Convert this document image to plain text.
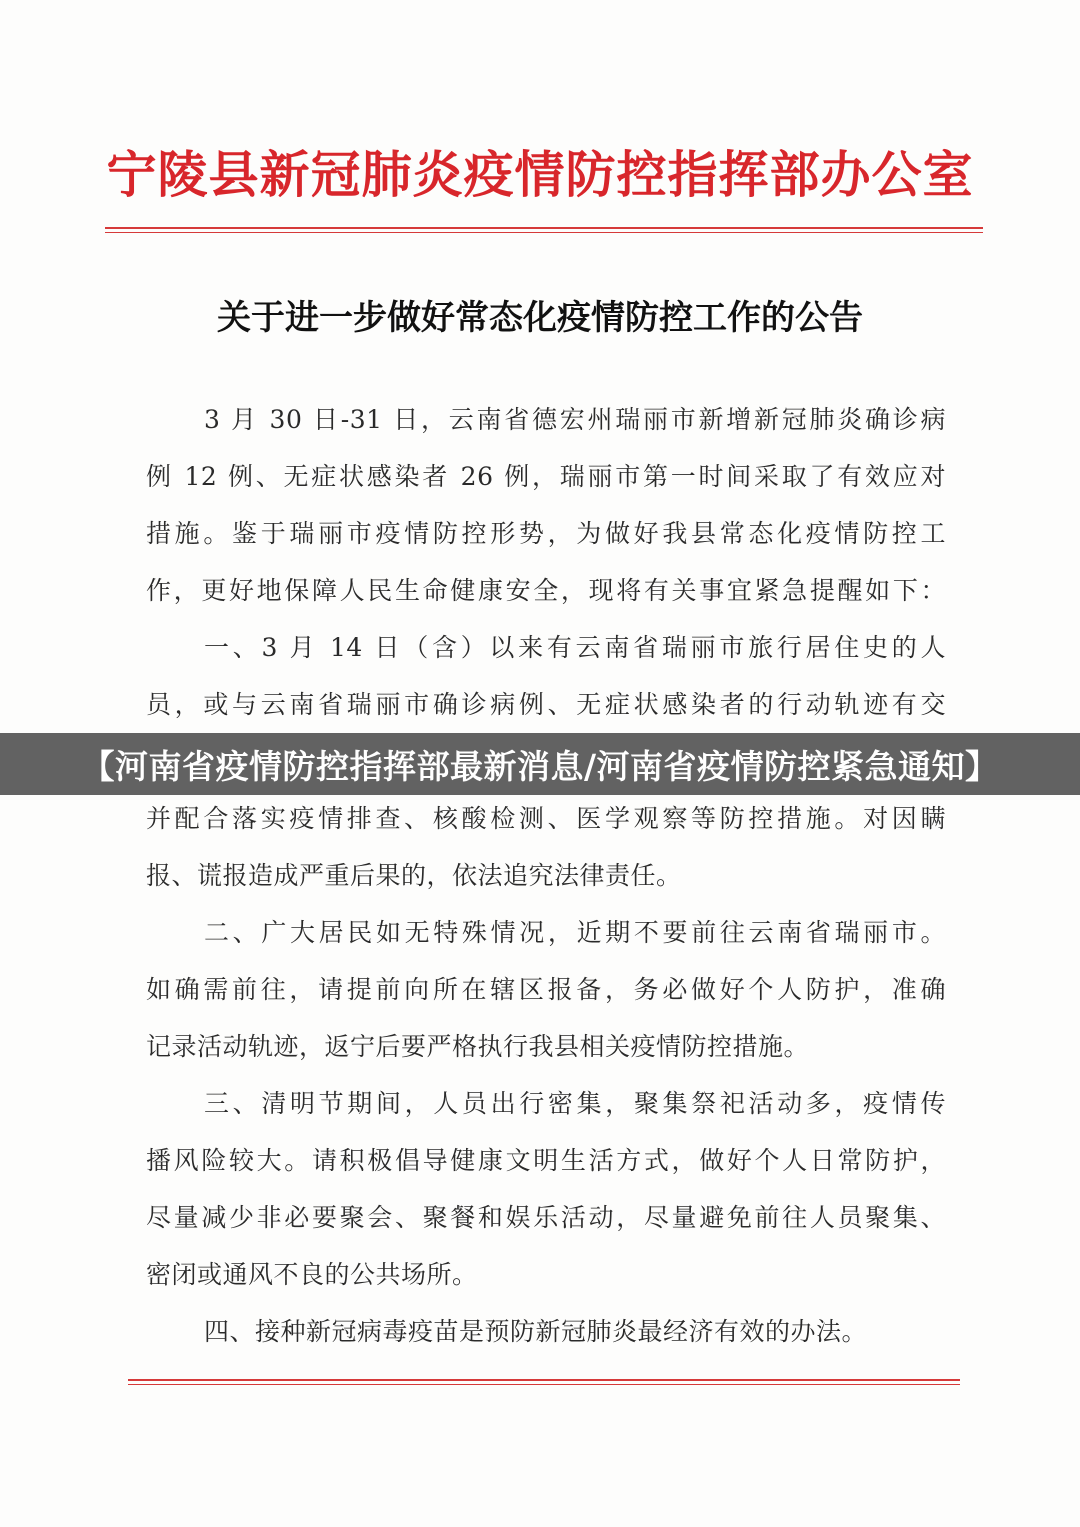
宁陵县新冠肺炎疫情防控指挥部办公室
关于进一步做好常态化疫情防控工作的公告
3 月 30 日-31 日，云南省德宏州瑞丽市新增新冠肺炎确诊病
例 12 例、无症状感染者 26 例，瑞丽市第一时间采取了有效应对
措施。鉴于瑞丽市疫情防控形势，为做好我县常态化疫情防控工
作，更好地保障人民生命健康安全，现将有关事宜紧急提醒如下：
一、3 月 14 日（含）以来有云南省瑞丽市旅行居住史的人
员，或与云南省瑞丽市确诊病例、无症状感染者的行动轨迹有交
并配合落实疫情排查、核酸检测、医学观察等防控措施。对因瞒
报、谎报造成严重后果的，依法追究法律责任。
二、广大居民如无特殊情况，近期不要前往云南省瑞丽市。
如确需前往，请提前向所在辖区报备，务必做好个人防护，准确
记录活动轨迹，返宁后要严格执行我县相关疫情防控措施。
三、清明节期间，人员出行密集，聚集祭祀活动多，疫情传
播风险较大。请积极倡导健康文明生活方式，做好个人日常防护，
尽量减少非必要聚会、聚餐和娱乐活动，尽量避免前往人员聚集、
密闭或通风不良的公共场所。
四、接种新冠病毒疫苗是预防新冠肺炎最经济有效的办法。
【河南省疫情防控指挥部最新消息/河南省疫情防控紧急通知】
